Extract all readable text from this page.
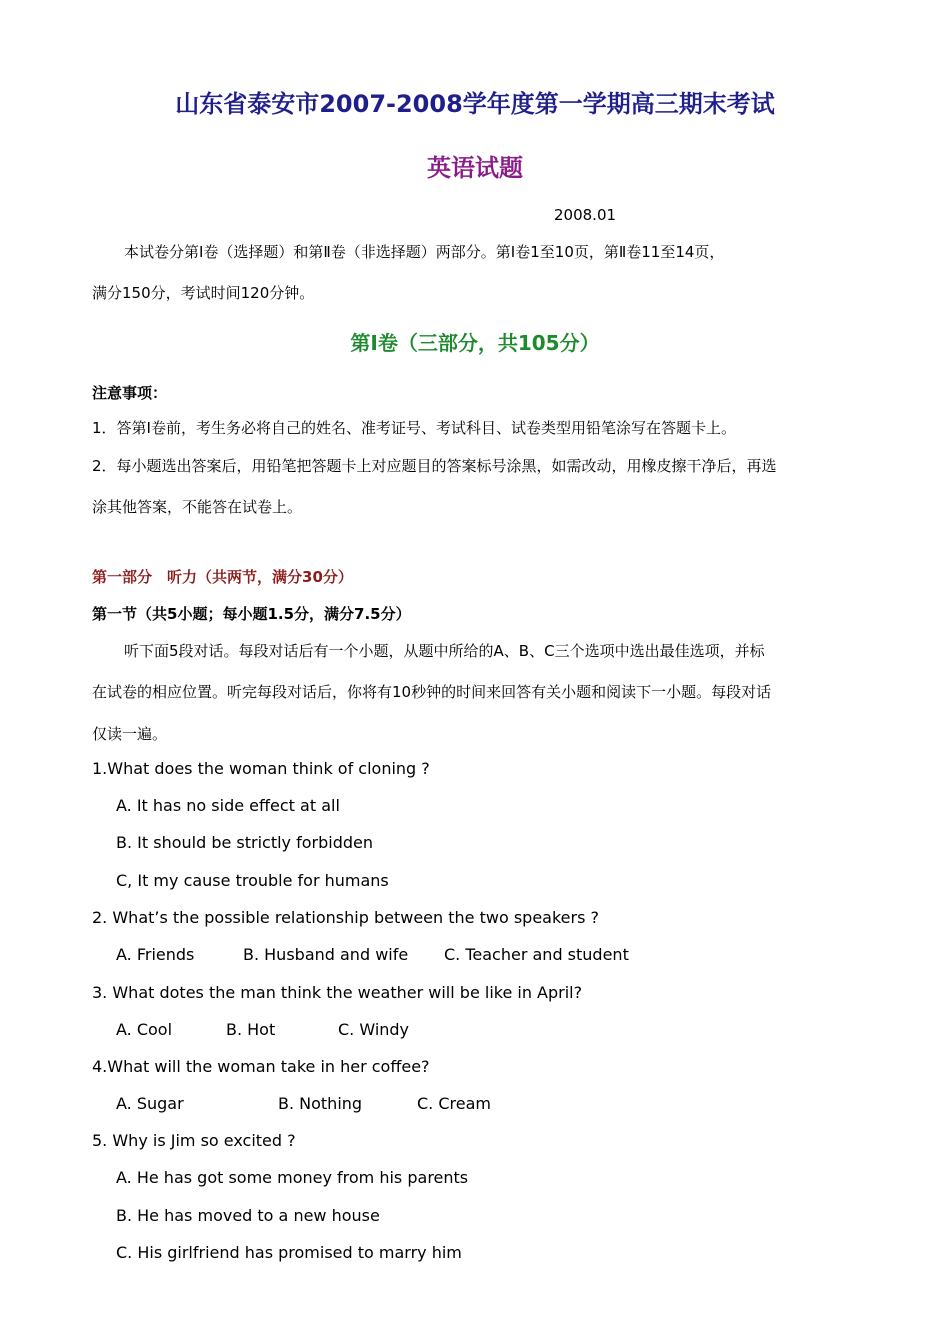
山东省泰安市2007-2008学年度第一学期高三期末考试
英语试题
2008.01
本试卷分第Ⅰ卷（选择题）和第Ⅱ卷（非选择题）两部分。第Ⅰ卷1至10页，第Ⅱ卷11至14页，
满分150分，考试时间120分钟。
第Ⅰ卷（三部分，共105分）
注意事项：
1．答第Ⅰ卷前，考生务必将自己的姓名、准考证号、考试科目、试卷类型用铅笔涂写在答题卡上。
2．每小题选出答案后，用铅笔把答题卡上对应题目的答案标号涂黑，如需改动，用橡皮擦干净后，再选
涂其他答案，不能答在试卷上。
第一部分　听力（共两节，满分30分）
第一节（共5小题；每小题1.5分，满分7.5分）
听下面5段对话。每段对话后有一个小题，从题中所给的A、B、C三个选项中选出最佳选项，并标
在试卷的相应位置。听完每段对话后，你将有10秒钟的时间来回答有关小题和阅读下一小题。每段对话
仅读一遍。
1.What does the woman think of cloning ?
A. It has no side effect at all
B. It should be strictly forbidden
C, It my cause trouble for humans
2. What’s the possible relationship between the two speakers ?
A. Friends	B. Husband and wife C. Teacher and student
3. What dotes the man think the weather will be like in April?
A. Cool	B. Hot	C. Windy
4.What will the woman take in her coffee?
A. Sugar	B. Nothing	C. Cream
5. Why is Jim so excited ?
A. He has got some money from his parents
B. He has moved to a new house
C. His girlfriend has promised to marry him
